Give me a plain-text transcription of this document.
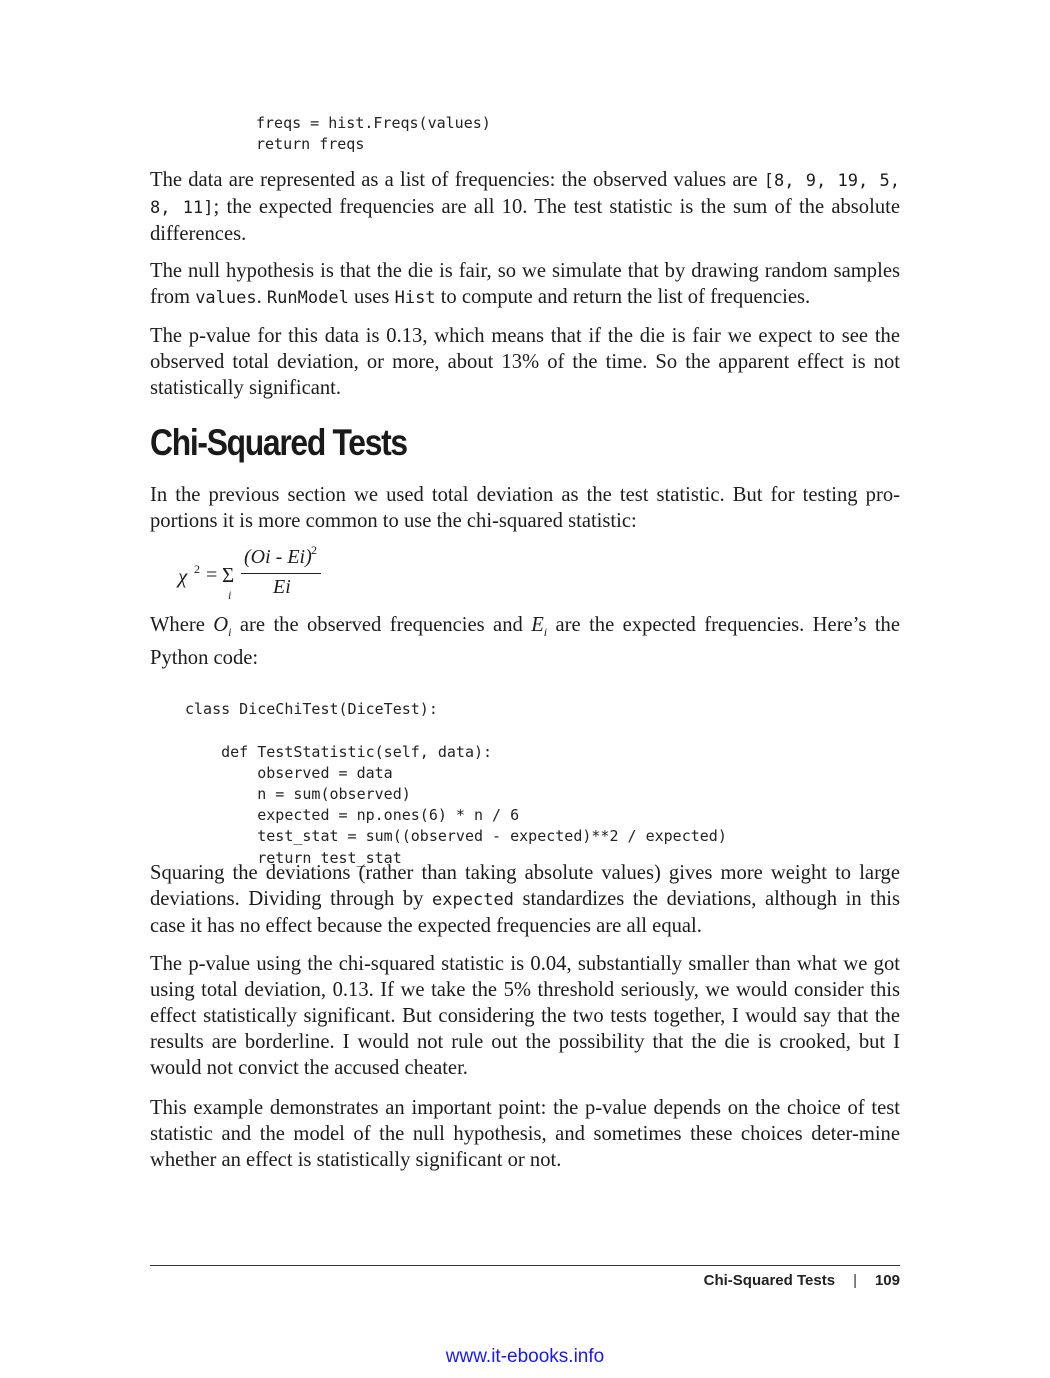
freqs = hist.Freqs(values)
return freqs

The data are represented as a list of frequencies: the observed values are [8, 9, 19, 5, 8, 11]; the expected frequencies are all 10. The test statistic is the sum of the absolute differences.

The null hypothesis is that the die is fair, so we simulate that by drawing random samples from values. RunModel uses Hist to compute and return the list of frequencies.

The p-value for this data is 0.13, which means that if the die is fair we expect to see the observed total deviation, or more, about 13% of the time. So the apparent effect is not statistically significant.

Chi-Squared Tests

In the previous section we used total deviation as the test statistic. But for testing pro-portions it is more common to use the chi-squared statistic:

χ 2 = Σ
i
(Oi - Ei) 2
Ei

Where $O_i$ are the observed frequencies and $E_i$ are the expected frequencies. Here’s the Python code:

class DiceChiTest(DiceTest):
def TestStatistic(self, data):
observed = data
n = sum(observed)
expected = np.ones(6) * n / 6
test_stat = sum((observed - expected)**2 / expected)
return test_stat

Squaring the deviations (rather than taking absolute values) gives more weight to large deviations. Dividing through by expected standardizes the deviations, although in this case it has no effect because the expected frequencies are all equal.

The p-value using the chi-squared statistic is 0.04, substantially smaller than what we got using total deviation, 0.13. If we take the 5% threshold seriously, we would consider this effect statistically significant. But considering the two tests together, I would say that the results are borderline. I would not rule out the possibility that the die is crooked, but I would not convict the accused cheater.

This example demonstrates an important point: the p-value depends on the choice of test statistic and the model of the null hypothesis, and sometimes these choices deter-mine whether an effect is statistically significant or not.

Chi-Squared Tests | 109
www.it-ebooks.info
